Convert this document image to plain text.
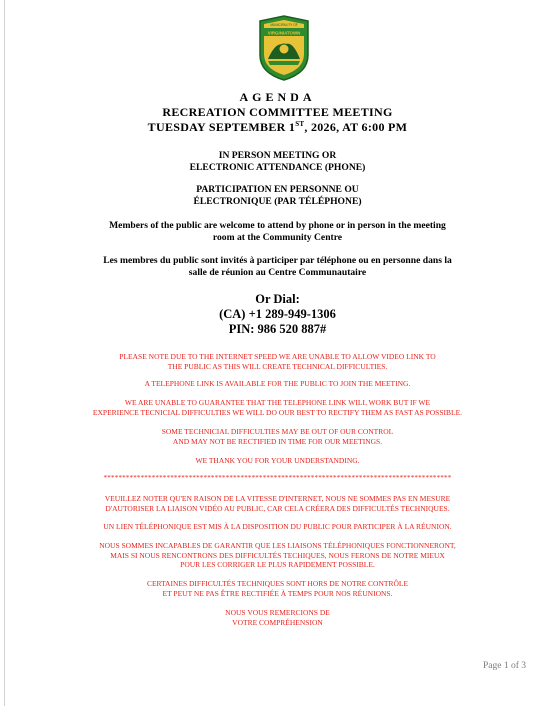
MUNICIPALITY OF
VIRGINIATOWN
AGENDA
RECREATION COMMITTEE MEETING
TUESDAY SEPTEMBER 1ST, 2026, AT 6:00 PM
IN PERSON MEETING OR
ELECTRONIC ATTENDANCE (PHONE)
PARTICIPATION EN PERSONNE OU
ÉLECTRONIQUE (PAR TÉLÉPHONE)
Members of the public are welcome to attend by phone or in person in the meeting
room at the Community Centre
Les membres du public sont invités à participer par téléphone ou en personne dans la
salle de réunion au Centre Communautaire
Or Dial:
(CA) +1 289-949-1306
PIN: 986 520 887#
PLEASE NOTE DUE TO THE INTERNET SPEED WE ARE UNABLE TO ALLOW VIDEO LINK TO
THE PUBLIC AS THIS WILL CREATE TECHNICAL DIFFICULTIES.
A TELEPHONE LINK IS AVAILABLE FOR THE PUBLIC TO JOIN THE MEETING.
WE ARE UNABLE TO GUARANTEE THAT THE TELEPHONE LINK WILL WORK BUT IF WE
EXPERIENCE TECNICIAL DIFFICULTIES WE WILL DO OUR BEST TO RECTIFY THEM AS FAST AS POSSIBLE.
SOME TECHNICIAL DIFFICULTIES MAY BE OUT OF OUR CONTROL
AND MAY NOT BE RECTIFIED IN TIME FOR OUR MEETINGS.
WE THANK YOU FOR YOUR UNDERSTANDING.
**********************************************************************************************
VEUILLEZ NOTER QU'EN RAISON DE LA VITESSE D'INTERNET, NOUS NE SOMMES PAS EN MESURE
D'AUTORISER LA LIAISON VIDÉO AU PUBLIC, CAR CELA CRÉERA DES DIFFICULTÉS TECHNIQUES.
UN LIEN TÉLÉPHONIQUE EST MIS À LA DISPOSITION DU PUBLIC POUR PARTICIPER À LA RÉUNION.
NOUS SOMMES INCAPABLES DE GARANTIR QUE LES LIAISONS TÉLÉPHONIQUES FONCTIONNERONT,
MAIS SI NOUS RENCONTRONS DES DIFFICULTÉS TECHIQUES, NOUS FERONS DE NOTRE MIEUX
POUR LES CORRIGER LE PLUS RAPIDEMENT POSSIBLE.
CERTAINES DIFFICULTÉS TECHNIQUES SONT HORS DE NOTRE CONTRÔLE
ET PEUT NE PAS ÊTRE RECTIFIÉE À TEMPS POUR NOS RÉUNIONS.
NOUS VOUS REMERCIONS DE
VOTRE COMPRÉHENSION
Page 1 of 3
